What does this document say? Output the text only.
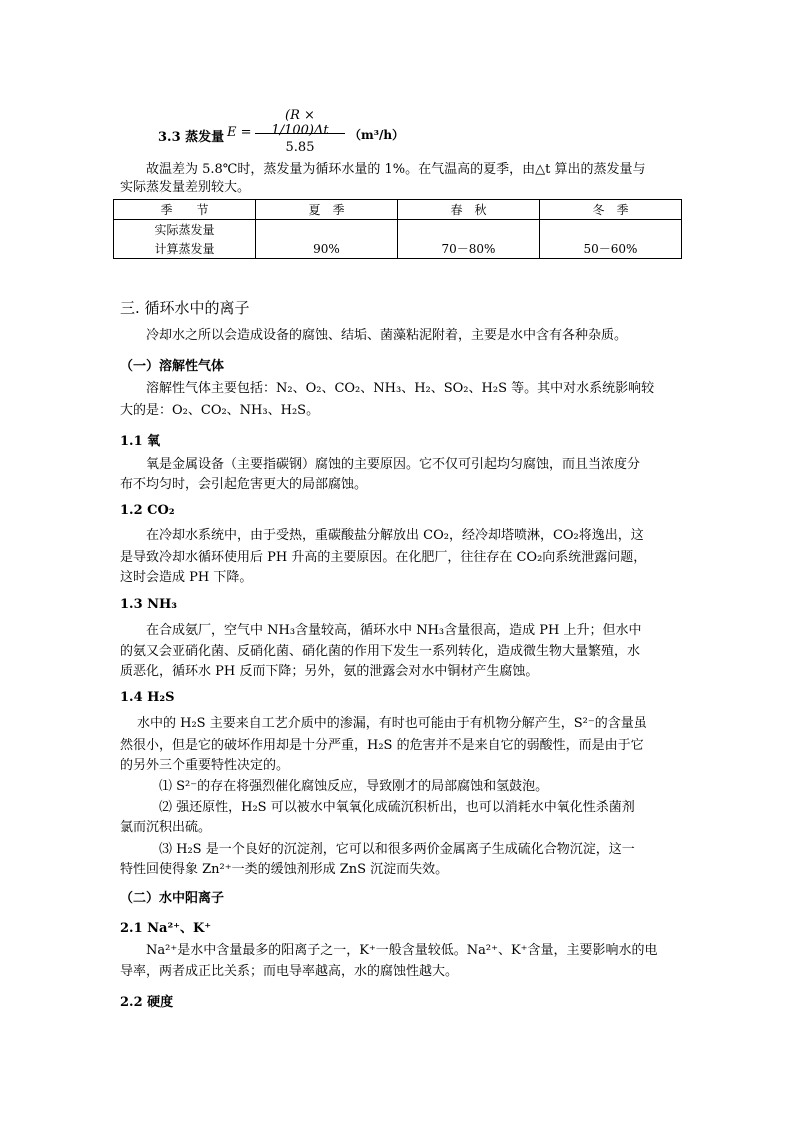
3.3 蒸发量 E =
(R × 1/100)Δt
5.85
（m³/h）
故温差为 5.8℃时，蒸发量为循环水量的 1%。在气温高的夏季，由△t 算出的蒸发量与
实际蒸发量差别较大。
季　　节	夏　季	春　秋	冬　季
实际蒸发量			
计算蒸发量	90%	70－80%	50－60%
三. 循环水中的离子
冷却水之所以会造成设备的腐蚀、结垢、菌藻粘泥附着，主要是水中含有各种杂质。
（一）溶解性气体
溶解性气体主要包括：N₂、O₂、CO₂、NH₃、H₂、SO₂、H₂S 等。其中对水系统影响较
大的是：O₂、CO₂、NH₃、H₂S。
1.1 氧
氧是金属设备（主要指碳钢）腐蚀的主要原因。它不仅可引起均匀腐蚀，而且当浓度分
布不均匀时，会引起危害更大的局部腐蚀。
1.2 CO₂
在冷却水系统中，由于受热，重碳酸盐分解放出 CO₂，经冷却塔喷淋，CO₂将逸出，这
是导致冷却水循环使用后 PH 升高的主要原因。在化肥厂，往往存在 CO₂向系统泄露问题，
这时会造成 PH 下降。
1.3 NH₃
在合成氨厂，空气中 NH₃含量较高，循环水中 NH₃含量很高，造成 PH 上升；但水中
的氨又会亚硝化菌、反硝化菌、硝化菌的作用下发生一系列转化，造成微生物大量繁殖，水
质恶化，循环水 PH 反而下降；另外，氨的泄露会对水中铜材产生腐蚀。
1.4 H₂S
水中的 H₂S 主要来自工艺介质中的渗漏，有时也可能由于有机物分解产生，S²⁻的含量虽
然很小，但是它的破坏作用却是十分严重，H₂S 的危害并不是来自它的弱酸性，而是由于它
的另外三个重要特性决定的。
⑴ S²⁻的存在将强烈催化腐蚀反应，导致刚才的局部腐蚀和氢鼓泡。
⑵ 强还原性，H₂S 可以被水中氧氧化成硫沉积析出，也可以消耗水中氧化性杀菌剂
氯而沉积出硫。
⑶ H₂S 是一个良好的沉淀剂，它可以和很多两价金属离子生成硫化合物沉淀，这一
特性回使得象 Zn²⁺一类的缓蚀剂形成 ZnS 沉淀而失效。
（二）水中阳离子
2.1 Na²⁺、K⁺
Na²⁺是水中含量最多的阳离子之一，K⁺一般含量较低。Na²⁺、K⁺含量，主要影响水的电
导率，两者成正比关系；而电导率越高，水的腐蚀性越大。
2.2 硬度
